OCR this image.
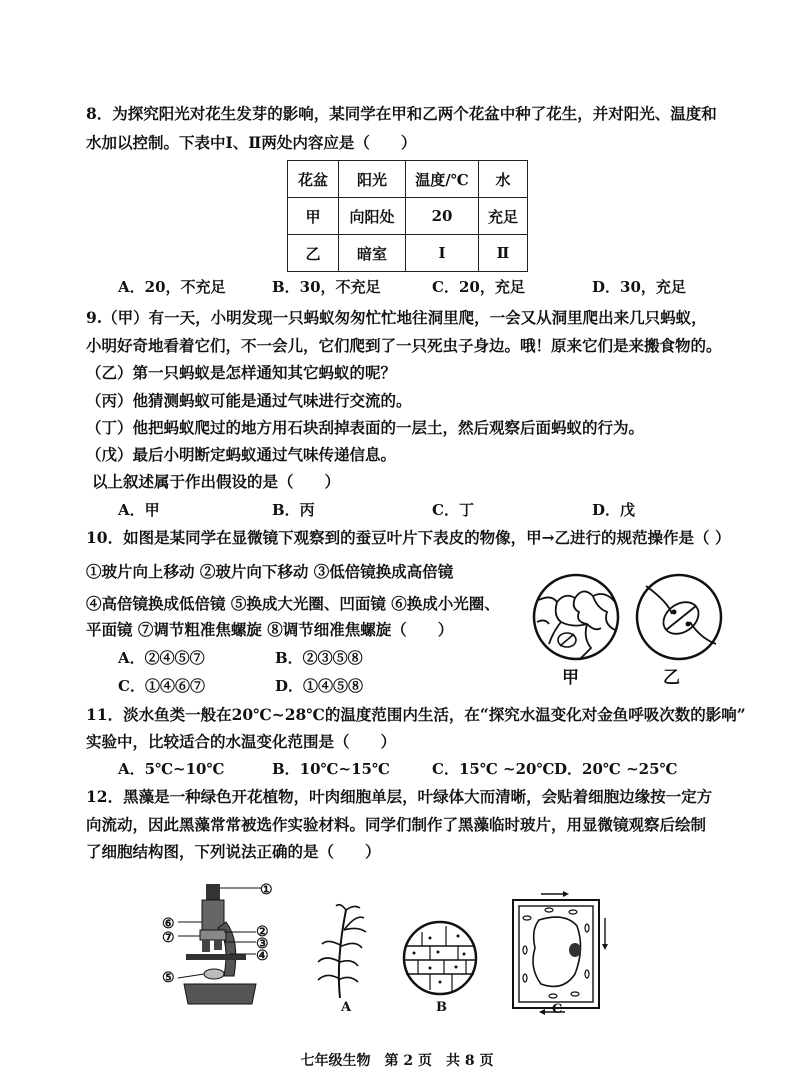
8．为探究阳光对花生发芽的影响，某同学在甲和乙两个花盆中种了花生，并对阳光、温度和
水加以控制。下表中Ⅰ、Ⅱ两处内容应是（　　）
花盆	阳光	温度/℃	水
甲	向阳处	20	充足
乙	暗室	Ⅰ	Ⅱ
A．20，不充足	B．30，不充足	C．20，充足	D．30，充足
9.（甲）有一天，小明发现一只蚂蚁匆匆忙忙地往洞里爬，一会又从洞里爬出来几只蚂蚁，
小明好奇地看着它们，不一会儿，它们爬到了一只死虫子身边。哦！原来它们是来搬食物的。
（乙）第一只蚂蚁是怎样通知其它蚂蚁的呢？
（丙）他猜测蚂蚁可能是通过气味进行交流的。
（丁）他把蚂蚁爬过的地方用石块刮掉表面的一层土，然后观察后面蚂蚁的行为。
（戊）最后小明断定蚂蚁通过气味传递信息。
以上叙述属于作出假设的是（　　）
A．甲	B．丙	C．丁	D．戊
10．如图是某同学在显微镜下观察到的蚕豆叶片下表皮的物像，甲→乙进行的规范操作是（ ）
①玻片向上移动 ②玻片向下移动 ③低倍镜换成高倍镜
④高倍镜换成低倍镜 ⑤换成大光圈、凹面镜 ⑥换成小光圈、
平面镜 ⑦调节粗准焦螺旋 ⑧调节细准焦螺旋（　　）
A．②④⑤⑦	B．②③⑤⑧
C．①④⑥⑦	D．①④⑤⑧	甲	乙
11．淡水鱼类一般在20℃~28℃的温度范围内生活，在“探究水温变化对金鱼呼吸次数的影响”
实验中，比较适合的水温变化范围是（　　）
A．5℃~10℃	B．10℃~15℃	C．15℃ ~20℃ D．20℃ ~25℃
12．黑藻是一种绿色开花植物，叶肉细胞单层，叶绿体大而清晰，会贴着细胞边缘按一定方
向流动，因此黑藻常常被选作实验材料。同学们制作了黑藻临时玻片，用显微镜观察后绘制
了细胞结构图，下列说法正确的是（　　）
①
②
③
④
⑤
⑥
⑦
A	B	C
七年级生物　第 2 页　共 8 页
